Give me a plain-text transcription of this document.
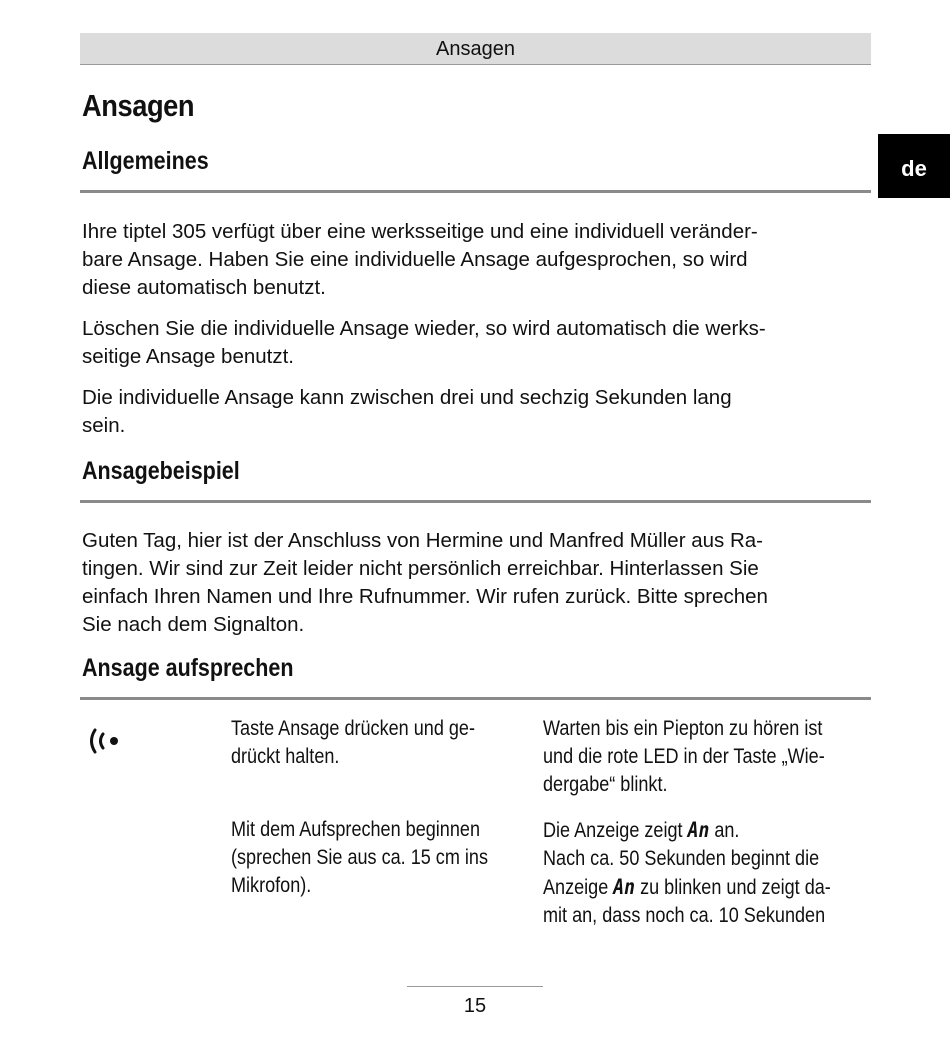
Ansagen
de
Ansagen
Allgemeines
Ihre tiptel 305 verfügt über eine werksseitige und eine individuell veränder-
bare Ansage. Haben Sie eine individuelle Ansage aufgesprochen, so wird
diese automatisch benutzt.
Löschen Sie die individuelle Ansage wieder, so wird automatisch die werks-
seitige Ansage benutzt.
Die individuelle Ansage kann zwischen drei und sechzig Sekunden lang
sein.
Ansagebeispiel
Guten Tag, hier ist der Anschluss von Hermine und Manfred Müller aus Ra-
tingen. Wir sind zur Zeit leider nicht persönlich erreichbar. Hinterlassen Sie
einfach Ihren Namen und Ihre Rufnummer. Wir rufen zurück. Bitte sprechen
Sie nach dem Signalton.
Ansage aufsprechen
Taste Ansage drücken und ge-
drückt halten.
Warten bis ein Piepton zu hören ist
und die rote LED in der Taste „Wie-
dergabe“ blinkt.
Mit dem Aufsprechen beginnen
(sprechen Sie aus ca. 15 cm ins
Mikrofon).
Die Anzeige zeigt An an.
Nach ca. 50 Sekunden beginnt die
Anzeige An zu blinken und zeigt da-
mit an, dass noch ca. 10 Sekunden
15
